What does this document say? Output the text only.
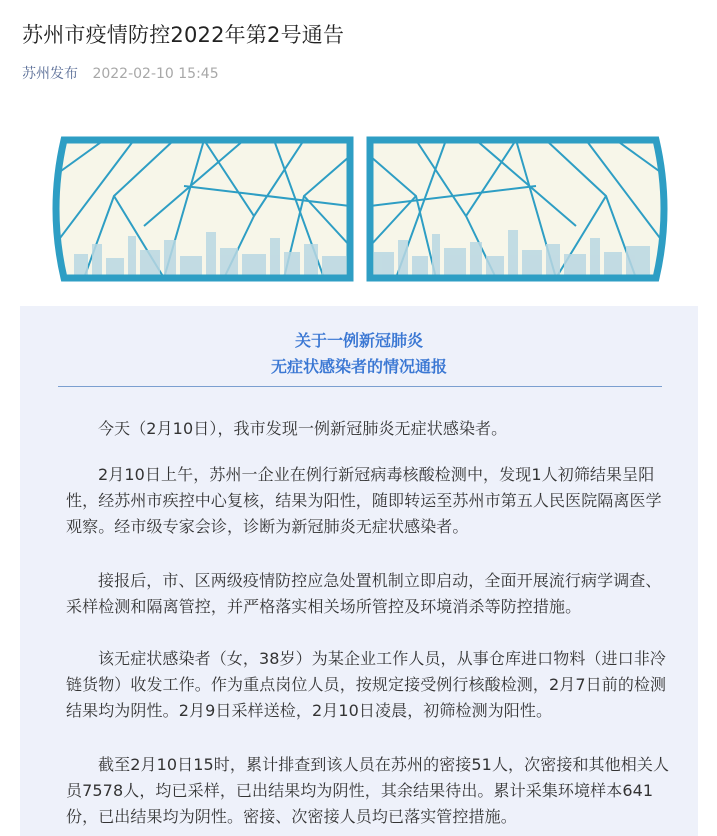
苏州市疫情防控2022年第2号通告
苏州发布 2022-02-10 15:45
关于一例新冠肺炎
无症状感染者的情况通报

今天（2月10日），我市发现一例新冠肺炎无症状感染者。

2月10日上午，苏州一企业在例行新冠病毒核酸检测中，发现1人初筛结果呈阳性，经苏州市疾控中心复核，结果为阳性，随即转运至苏州市第五人民医院隔离医学观察。经市级专家会诊，诊断为新冠肺炎无症状感染者。

接报后，市、区两级疫情防控应急处置机制立即启动，全面开展流行病学调查、采样检测和隔离管控，并严格落实相关场所管控及环境消杀等防控措施。

该无症状感染者（女，38岁）为某企业工作人员，从事仓库进口物料（进口非冷链货物）收发工作。作为重点岗位人员，按规定接受例行核酸检测，2月7日前的检测结果均为阴性。2月9日采样送检，2月10日凌晨，初筛检测为阳性。

截至2月10日15时，累计排查到该人员在苏州的密接51人，次密接和其他相关人员7578人，均已采样，已出结果均为阴性，其余结果待出。累计采集环境样本641份，已出结果均为阴性。密接、次密接人员均已落实管控措施。
